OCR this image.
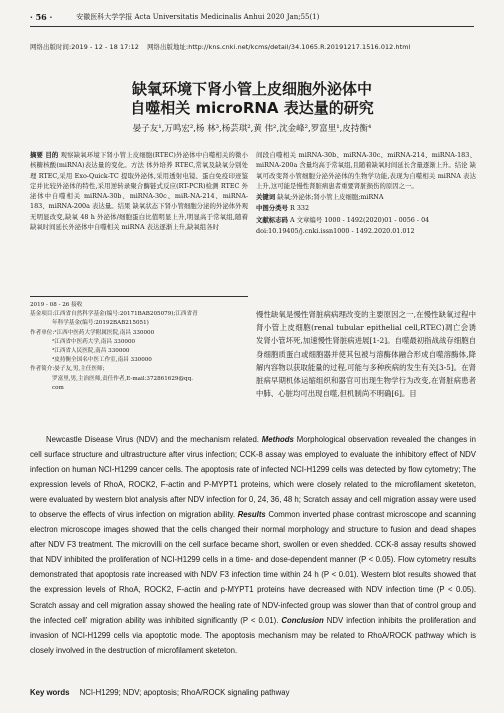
· 56 ·	安徽医科大学学报 Acta Universitatis Medicinalis Anhui 2020 Jan;55(1)
网络出版时间:2019 - 12 - 18 17:12 网络出版地址:http://kns.cnki.net/kcms/detail/34.1065.R.20191217.1516.012.html
缺氧环境下肾小管上皮细胞外泌体中
自噬相关 microRNA 表达量的研究
晏子友¹,万鸣宏²,杨 林³,杨芸琪²,黄 伟²,沈金峰²,罗富里¹,皮持衡⁴
摘要 目的 观察缺氧环境下肾小管上皮细胞(RTEC)外泌体中自噬相关的微小核糖核酸(miRNA)表达量的变化。方法 体外培养 RTEC,常氧及缺氧分别处理 RTEC,采用 Exo-Quick-TC 提取外泌体,采用透射电镜、蛋白免疫印迹鉴定并比较外泌体的特性,采用逆转录聚合酶链式反应(RT-PCR)检测 RTEC 外泌体中自噬相关 miRNA-30b、miRNA-30c、miR-NA-214、miRNA-183、miRNA-200a 表达量。结果 缺氧状态下肾小管细胞分泌的外泌体外观无明显改变,缺氧 48 h 外泌体/细胞蛋白比值明显上升,明显高于常氧组,随着缺氧时间延长外泌体中自噬相关 miRNA 表达逐渐上升,缺氧组各时
间段自噬相关 miRNA-30b、miRNA-30c、miRNA-214、miRNA-183、miRNA-200a 含量均高于常氧组,且随着缺氧时间延长含量逐渐上升。结论 缺氧可改变肾小管细胞分泌外泌体的生物学功能,表现为自噬相关 miRNA 表达上升,这可能是慢性肾脏病患者重要肾脏损伤的原因之一。
关键词 缺氧;外泌体;肾小管上皮细胞;miRNA
中图分类号 R 332
文献标志码 A 文章编号 1000 - 1492(2020)01 - 0056 - 04
doi:10.19405/j.cnki.issn1000 - 1492.2020.01.012
2019 - 08 - 26 接收
基金项目:江西省自然科学基金(编号:20171BAB205079);江西省青
年科学基金(编号:20192BAB215051)
作者单位:¹江西中医药大学附属医院,南昌 330000
²江西省中医药大学,南昌 330000
³江西省人民医院,南昌 330000
⁴皮持衡全国名中医工作室,南昌 330000
作者简介:晏子友,男,主任医师;
罗富里,男,主治医师,责任作者,E-mail:372861629@qq.
com
慢性缺氧是慢性肾脏病病理改变的主要原因之一,在慢性缺氧过程中肾小管上皮细胞(renal tubular epithelial cell,RTEC)凋亡会诱发肾小管坏死,加速慢性肾脏病进展[1-2]。自噬最初指战战存细胞自身细胞质蛋白或细胞器并使其包被与溶酶体融合形成自噬溶酶体,降解内容物以获取能量的过程,可能与多种疾病的发生有关[3-5]。在肾脏病早期机体运缩组织和器官可出现生物学行为改变,在肾脏病患者中肺、心脏均可出现自噬,但机制尚不明确[6]。目
Newcastle Disease Virus (NDV) and the mechanism related. Methods Morphological observation revealed the changes in cell surface structure and ultrastructure after virus infection; CCK-8 assay was employed to evaluate the inhibitory effect of NDV infection on human NCI-H1299 cancer cells. The apoptosis rate of infected NCI-H1299 cells was detected by flow cytometry; The expression levels of RhoA, ROCK2, F-actin and P-MYPT1 proteins, which were closely related to the microfilament sketeton, were evaluated by western blot analysis after NDV infection for 0, 24, 36, 48 h; Scratch assay and cell migration assay were used to observe the effects of virus infection on migration ability. Results Common inverted phase contrast microscope and scanning electron microscope images showed that the cells changed their normal morphology and structure to fusion and dead shapes after NDV F3 treatment. The microvilli on the cell surface became short, swollen or even shedded. CCK-8 assay results showed that NDV inhibited the proliferation of NCI-H1299 cells in a time- and dose-dependent manner (P < 0.05). Flow cytometry results demonstrated that apoptosis rate increased with NDV F3 infection time within 24 h (P < 0.01). Western blot results showed that the expression levels of RhoA, ROCK2, F-actin and p-MYPT1 proteins have decreased with NDV infection time (P < 0.05). Scratch assay and cell migration assay showed the healing rate of NDV-infected group was slower than that of control group and the infected cell' migration ability was inhibited significantly (P < 0.01). Conclusion NDV infection inhibits the proliferation and invasion of NCI-H1299 cells via apoptotic mode. The apoptosis mechanism may be related to RhoA/ROCK pathway which is closely involved in the destruction of microfilament sketeton.
Key words NCI-H1299; NDV; apoptosis; RhoA/ROCK signaling pathway
